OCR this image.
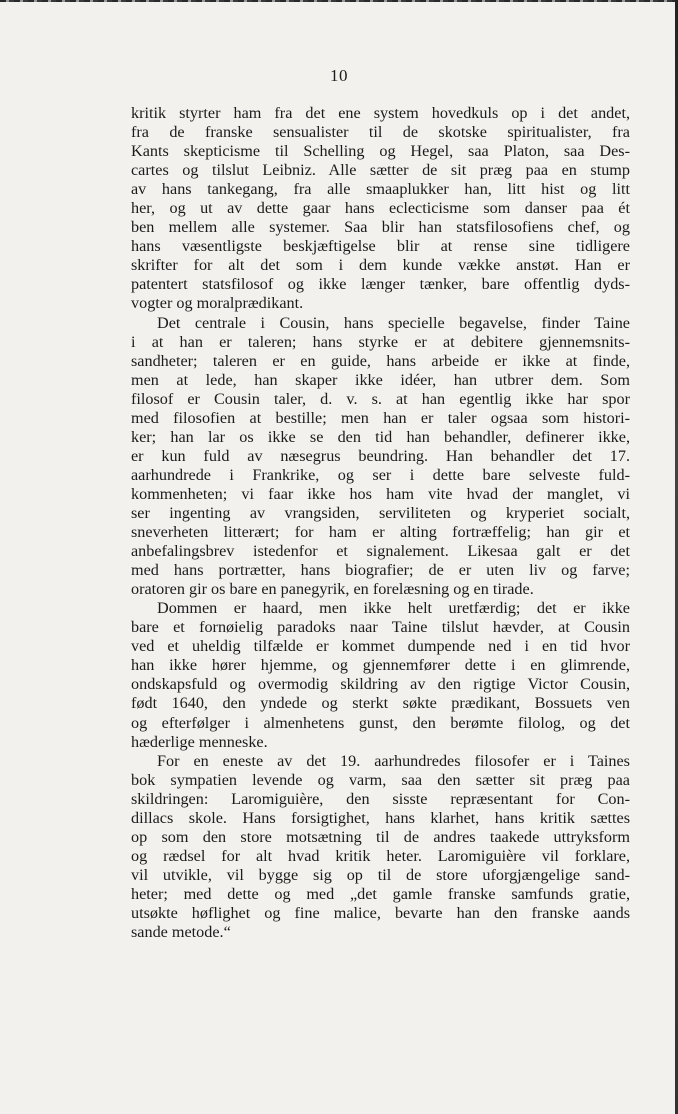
10
kritik styrter ham fra det ene system hovedkuls op i det andet,
fra de franske sensualister til de skotske spiritualister, fra
Kants skepticisme til Schelling og Hegel, saa Platon, saa Des-
cartes og tilslut Leibniz. Alle sætter de sit præg paa en stump
av hans tankegang, fra alle smaaplukker han, litt hist og litt
her, og ut av dette gaar hans eclecticisme som danser paa ét
ben mellem alle systemer. Saa blir han statsfilosofiens chef, og
hans væsentligste beskjæftigelse blir at rense sine tidligere
skrifter for alt det som i dem kunde vække anstøt. Han er
patentert statsfilosof og ikke længer tænker, bare offentlig dyds-
vogter og moralprædikant.
Det centrale i Cousin, hans specielle begavelse, finder Taine
i at han er taleren; hans styrke er at debitere gjennemsnits-
sandheter; taleren er en guide, hans arbeide er ikke at finde,
men at lede, han skaper ikke idéer, han utbrer dem. Som
filosof er Cousin taler, d. v. s. at han egentlig ikke har spor
med filosofien at bestille; men han er taler ogsaa som histori-
ker; han lar os ikke se den tid han behandler, definerer ikke,
er kun fuld av næsegrus beundring. Han behandler det 17.
aarhundrede i Frankrike, og ser i dette bare selveste fuld-
kommenheten; vi faar ikke hos ham vite hvad der manglet, vi
ser ingenting av vrangsiden, serviliteten og kryperiet socialt,
sneverheten litterært; for ham er alting fortræffelig; han gir et
anbefalingsbrev istedenfor et signalement. Likesaa galt er det
med hans portrætter, hans biografier; de er uten liv og farve;
oratoren gir os bare en panegyrik, en forelæsning og en tirade.
Dommen er haard, men ikke helt uretfærdig; det er ikke
bare et fornøielig paradoks naar Taine tilslut hævder, at Cousin
ved et uheldig tilfælde er kommet dumpende ned i en tid hvor
han ikke hører hjemme, og gjennemfører dette i en glimrende,
ondskapsfuld og overmodig skildring av den rigtige Victor Cousin,
født 1640, den yndede og sterkt søkte prædikant, Bossuets ven
og efterfølger i almenhetens gunst, den berømte filolog, og det
hæderlige menneske.
For en eneste av det 19. aarhundredes filosofer er i Taines
bok sympatien levende og varm, saa den sætter sit præg paa
skildringen: Laromiguière, den sisste repræsentant for Con-
dillacs skole. Hans forsigtighet, hans klarhet, hans kritik sættes
op som den store motsætning til de andres taakede uttryksform
og rædsel for alt hvad kritik heter. Laromiguière vil forklare,
vil utvikle, vil bygge sig op til de store uforgjængelige sand-
heter; med dette og med „det gamle franske samfunds gratie,
utsøkte høflighet og fine malice, bevarte han den franske aands
sande metode.“
